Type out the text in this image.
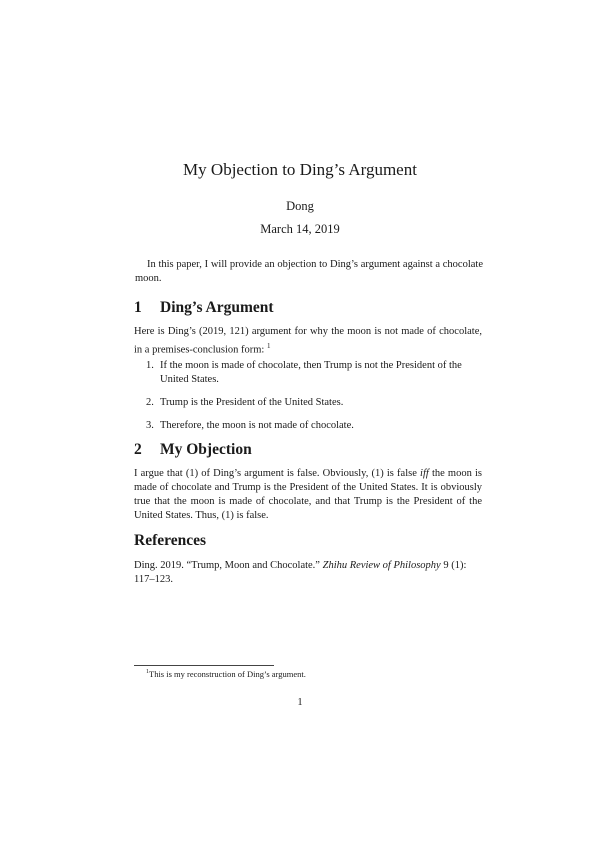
My Objection to Ding’s Argument
Dong
March 14, 2019
In this paper, I will provide an objection to Ding’s argument against a chocolate moon.
1 Ding’s Argument
Here is Ding’s (2019, 121) argument for why the moon is not made of chocolate, in a premises-conclusion form: $^1$
1. If the moon is made of chocolate, then Trump is not the President of the United States.
2. Trump is the President of the United States.
3. Therefore, the moon is not made of chocolate.
2 My Objection
I argue that (1) of Ding’s argument is false. Obviously, (1) is false iff the moon is made of chocolate and Trump is the President of the United States. It is obviously true that the moon is made of chocolate, and that Trump is the President of the United States. Thus, (1) is false.
References
Ding. 2019. “Trump, Moon and Chocolate.” Zhihu Review of Philosophy 9 (1): 117–123.
$^1$This is my reconstruction of Ding’s argument.
1
